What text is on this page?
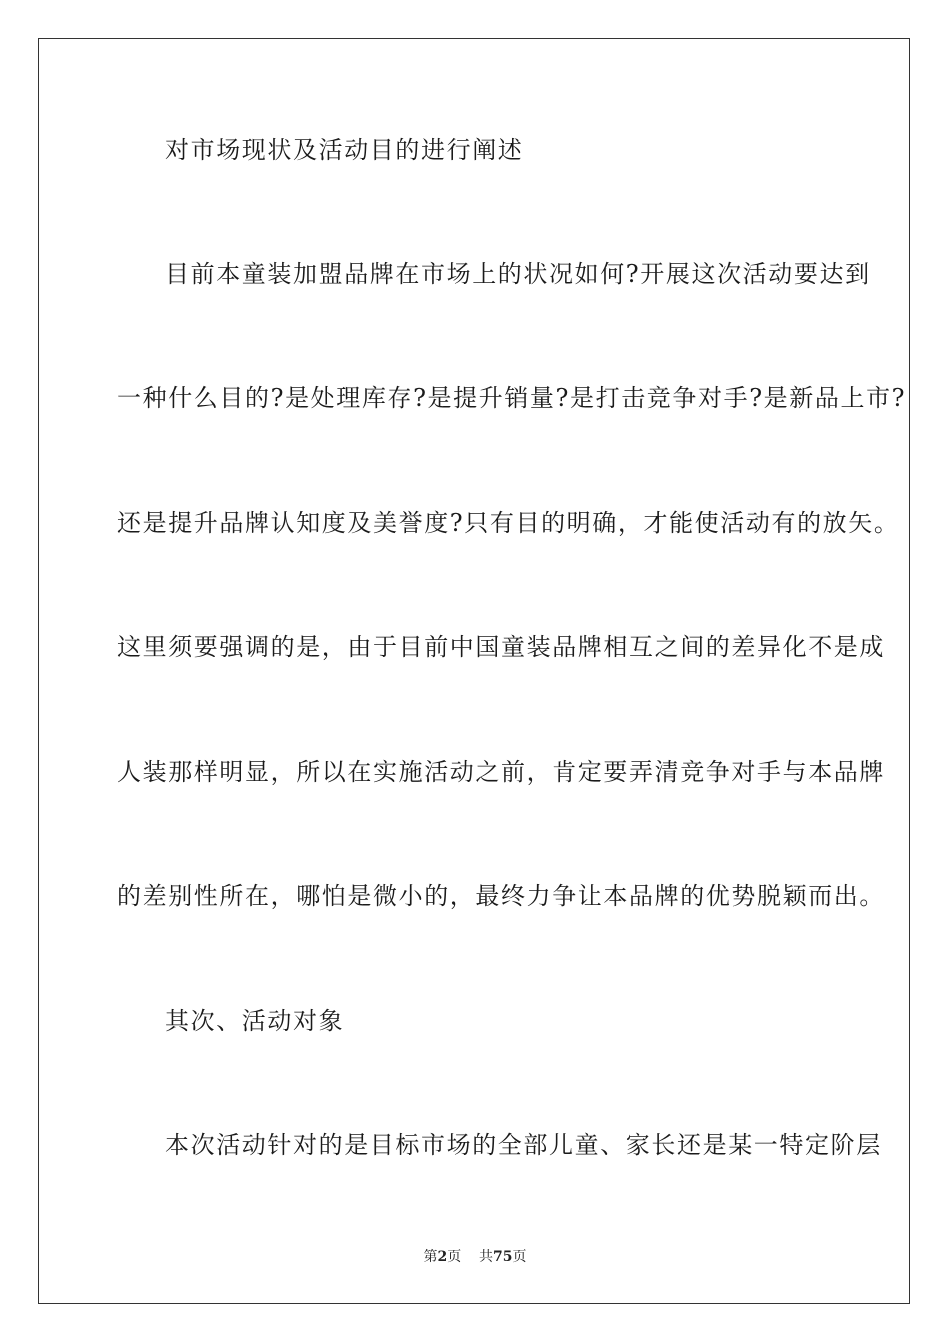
对市场现状及活动目的进行阐述
目前本童装加盟品牌在市场上的状况如何?开展这次活动要达到
一种什么目的?是处理库存?是提升销量?是打击竞争对手?是新品上市?
还是提升品牌认知度及美誉度?只有目的明确，才能使活动有的放矢。
这里须要强调的是，由于目前中国童装品牌相互之间的差异化不是成
人装那样明显，所以在实施活动之前，肯定要弄清竞争对手与本品牌
的差别性所在，哪怕是微小的，最终力争让本品牌的优势脱颖而出。
其次、活动对象
本次活动针对的是目标市场的全部儿童、家长还是某一特定阶层
第2页 共75页
